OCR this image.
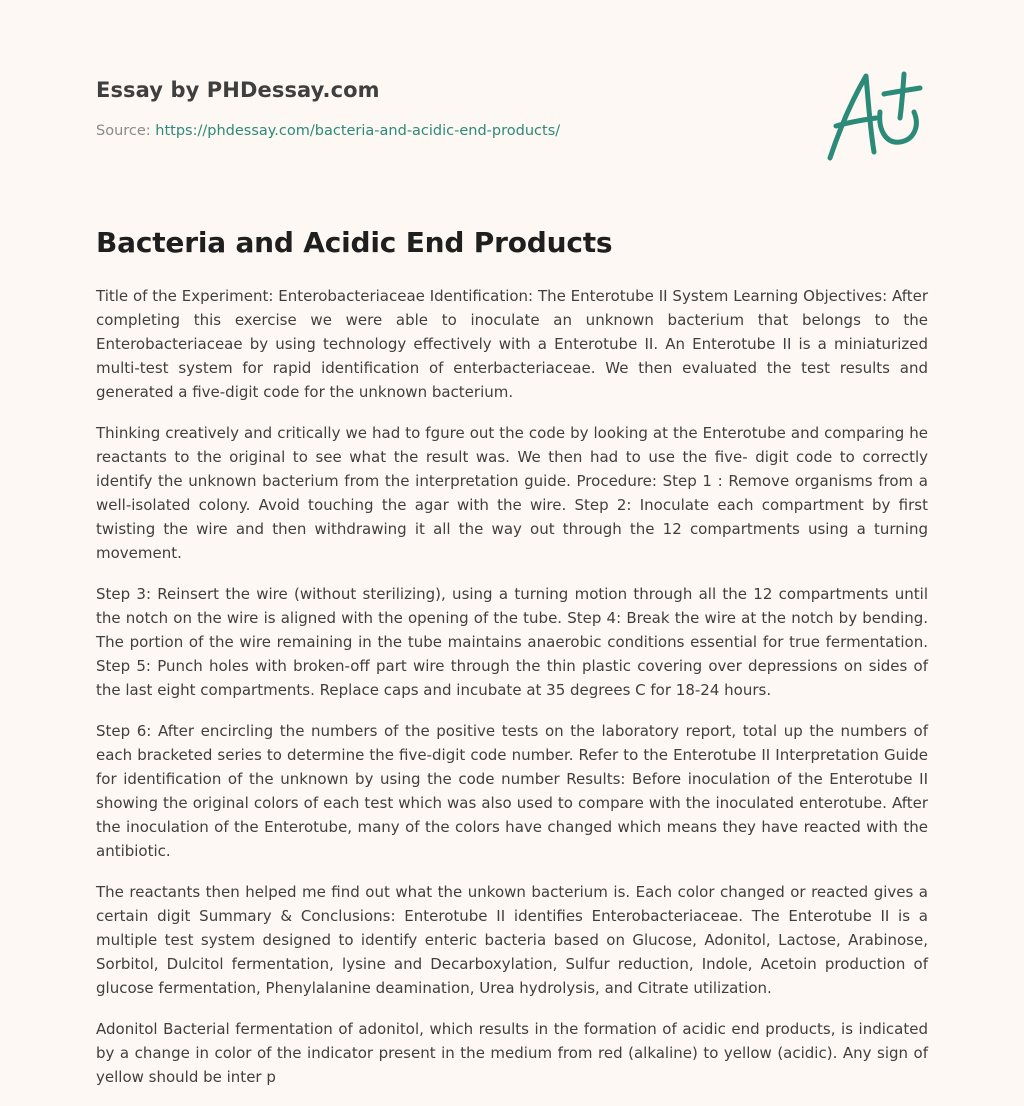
Essay by PHDessay.com
Source: https://phdessay.com/bacteria-and-acidic-end-products/
Bacteria and Acidic End Products

Title of the Experiment: Enterobacteriaceae Identification: The Enterotube II System Learning Objectives: After completing this exercise we were able to inoculate an unknown bacterium that belongs to the Enterobacteriaceae by using technology effectively with a Enterotube II. An Enterotube II is a miniaturized multi-test system for rapid identification of enterbacteriaceae. We then evaluated the test results and generated a five-digit code for the unknown bacterium.

Thinking creatively and critically we had to fgure out the code by looking at the Enterotube and comparing he reactants to the original to see what the result was. We then had to use the five- digit code to correctly identify the unknown bacterium from the interpretation guide. Procedure: Step 1 : Remove organisms from a well-isolated colony. Avoid touching the agar with the wire. Step 2: Inoculate each compartment by first twisting the wire and then withdrawing it all the way out through the 12 compartments using a turning movement.

Step 3: Reinsert the wire (without sterilizing), using a turning motion through all the 12 compartments until the notch on the wire is aligned with the opening of the tube. Step 4: Break the wire at the notch by bending. The portion of the wire remaining in the tube maintains anaerobic conditions essential for true fermentation. Step 5: Punch holes with broken-off part wire through the thin plastic covering over depressions on sides of the last eight compartments. Replace caps and incubate at 35 degrees C for 18-24 hours.

Step 6: After encircling the numbers of the positive tests on the laboratory report, total up the numbers of each bracketed series to determine the five-digit code number. Refer to the Enterotube II Interpretation Guide for identification of the unknown by using the code number Results: Before inoculation of the Enterotube II showing the original colors of each test which was also used to compare with the inoculated enterotube. After the inoculation of the Enterotube, many of the colors have changed which means they have reacted with the antibiotic.

The reactants then helped me find out what the unkown bacterium is. Each color changed or reacted gives a certain digit Summary & Conclusions: Enterotube II identifies Enterobacteriaceae. The Enterotube II is a multiple test system designed to identify enteric bacteria based on Glucose, Adonitol, Lactose, Arabinose, Sorbitol, Dulcitol fermentation, lysine and Decarboxylation, Sulfur reduction, Indole, Acetoin production of glucose fermentation, Phenylalanine deamination, Urea hydrolysis, and Citrate utilization.

Adonitol Bacterial fermentation of adonitol, which results in the formation of acidic end products, is indicated by a change in color of the indicator present in the medium from red (alkaline) to yellow (acidic). Any sign of yellow should be inter p
